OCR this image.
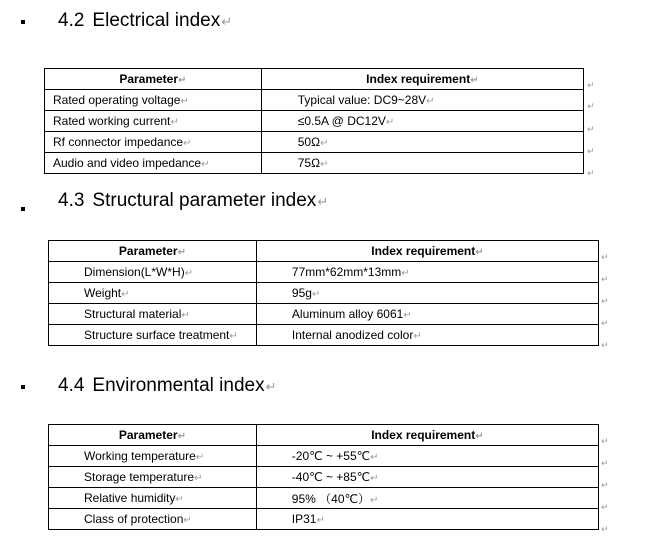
4.2 Electrical index↵
Parameter↵	Index requirement↵
Rated operating voltage↵	Typical value: DC9~28V↵
Rated working current↵	≤0.5A @ DC12V↵
Rf connector impedance↵	50Ω↵
Audio and video impedance↵	75Ω↵
↵
↵
↵
↵
↵
4.3 Structural parameter index↵
Parameter↵	Index requirement↵
Dimension(L*W*H)↵	77mm*62mm*13mm↵
Weight↵	95g↵
Structural material↵	Aluminum alloy 6061↵
Structure surface treatment↵	Internal anodized color↵
↵
↵
↵
↵
↵
4.4 Environmental index↵
Parameter↵	Index requirement↵
Working temperature↵	-20℃ ~ +55℃↵
Storage temperature↵	-40℃ ~ +85℃↵
Relative humidity↵	95% （40℃）↵
Class of protection↵	IP31↵
↵
↵
↵
↵
↵
